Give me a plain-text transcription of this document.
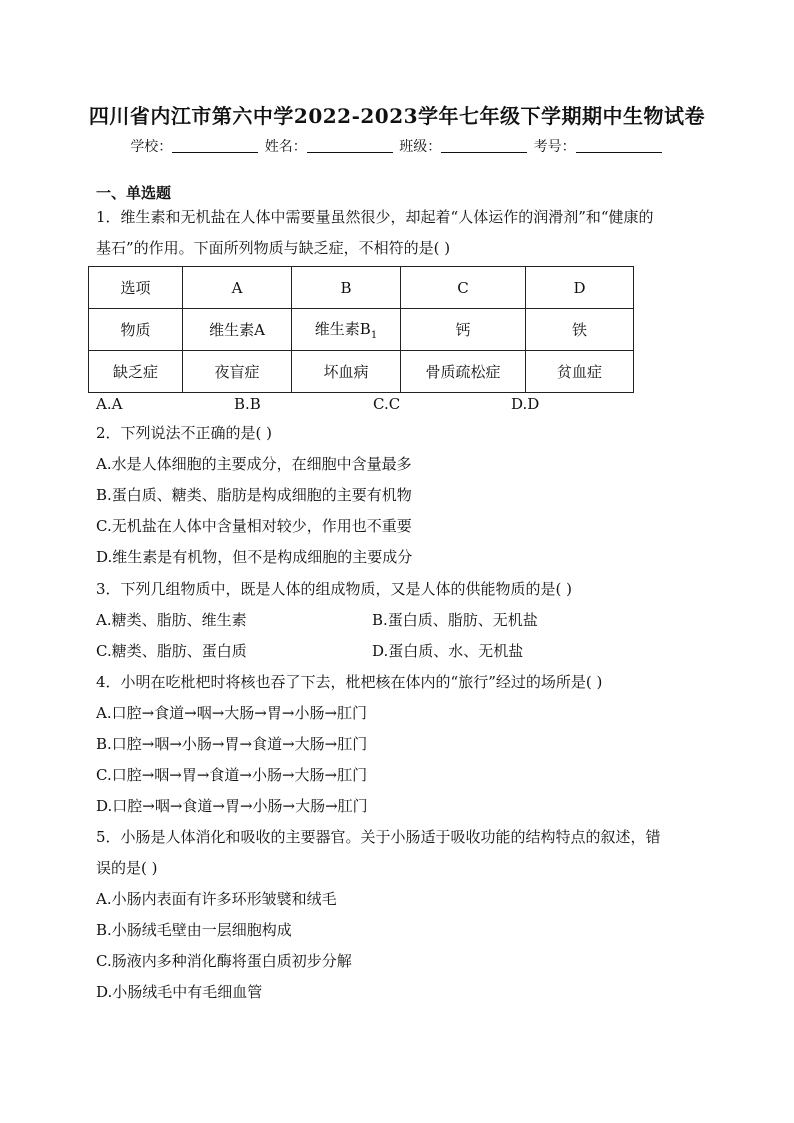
四川省内江市第六中学2022-2023学年七年级下学期期中生物试卷
学校：	姓名：	班级：	考号：
一、单选题
1．维生素和无机盐在人体中需要量虽然很少，却起着“人体运作的润滑剂”和“健康的
基石”的作用。下面所列物质与缺乏症，不相符的是( )
选项	A	B	C	D
物质	维生素A	维生素$B_1$	钙	铁
缺乏症	夜盲症	坏血病	骨质疏松症	贫血症
A.A	B.B	C.C	D.D
2．下列说法不正确的是( )
A.水是人体细胞的主要成分，在细胞中含量最多
B.蛋白质、糖类、脂肪是构成细胞的主要有机物
C.无机盐在人体中含量相对较少，作用也不重要
D.维生素是有机物，但不是构成细胞的主要成分
3．下列几组物质中，既是人体的组成物质，又是人体的供能物质的是( )
A.糖类、脂肪、维生素	B.蛋白质、脂肪、无机盐
C.糖类、脂肪、蛋白质	D.蛋白质、水、无机盐
4．小明在吃枇杷时将核也吞了下去，枇杷核在体内的“旅行”经过的场所是( )
A.口腔→食道→咽→大肠→胃→小肠→肛门
B.口腔→咽→小肠→胃→食道→大肠→肛门
C.口腔→咽→胃→食道→小肠→大肠→肛门
D.口腔→咽→食道→胃→小肠→大肠→肛门
5．小肠是人体消化和吸收的主要器官。关于小肠适于吸收功能的结构特点的叙述，错
误的是( )
A.小肠内表面有许多环形皱襞和绒毛
B.小肠绒毛壁由一层细胞构成
C.肠液内多种消化酶将蛋白质初步分解
D.小肠绒毛中有毛细血管
